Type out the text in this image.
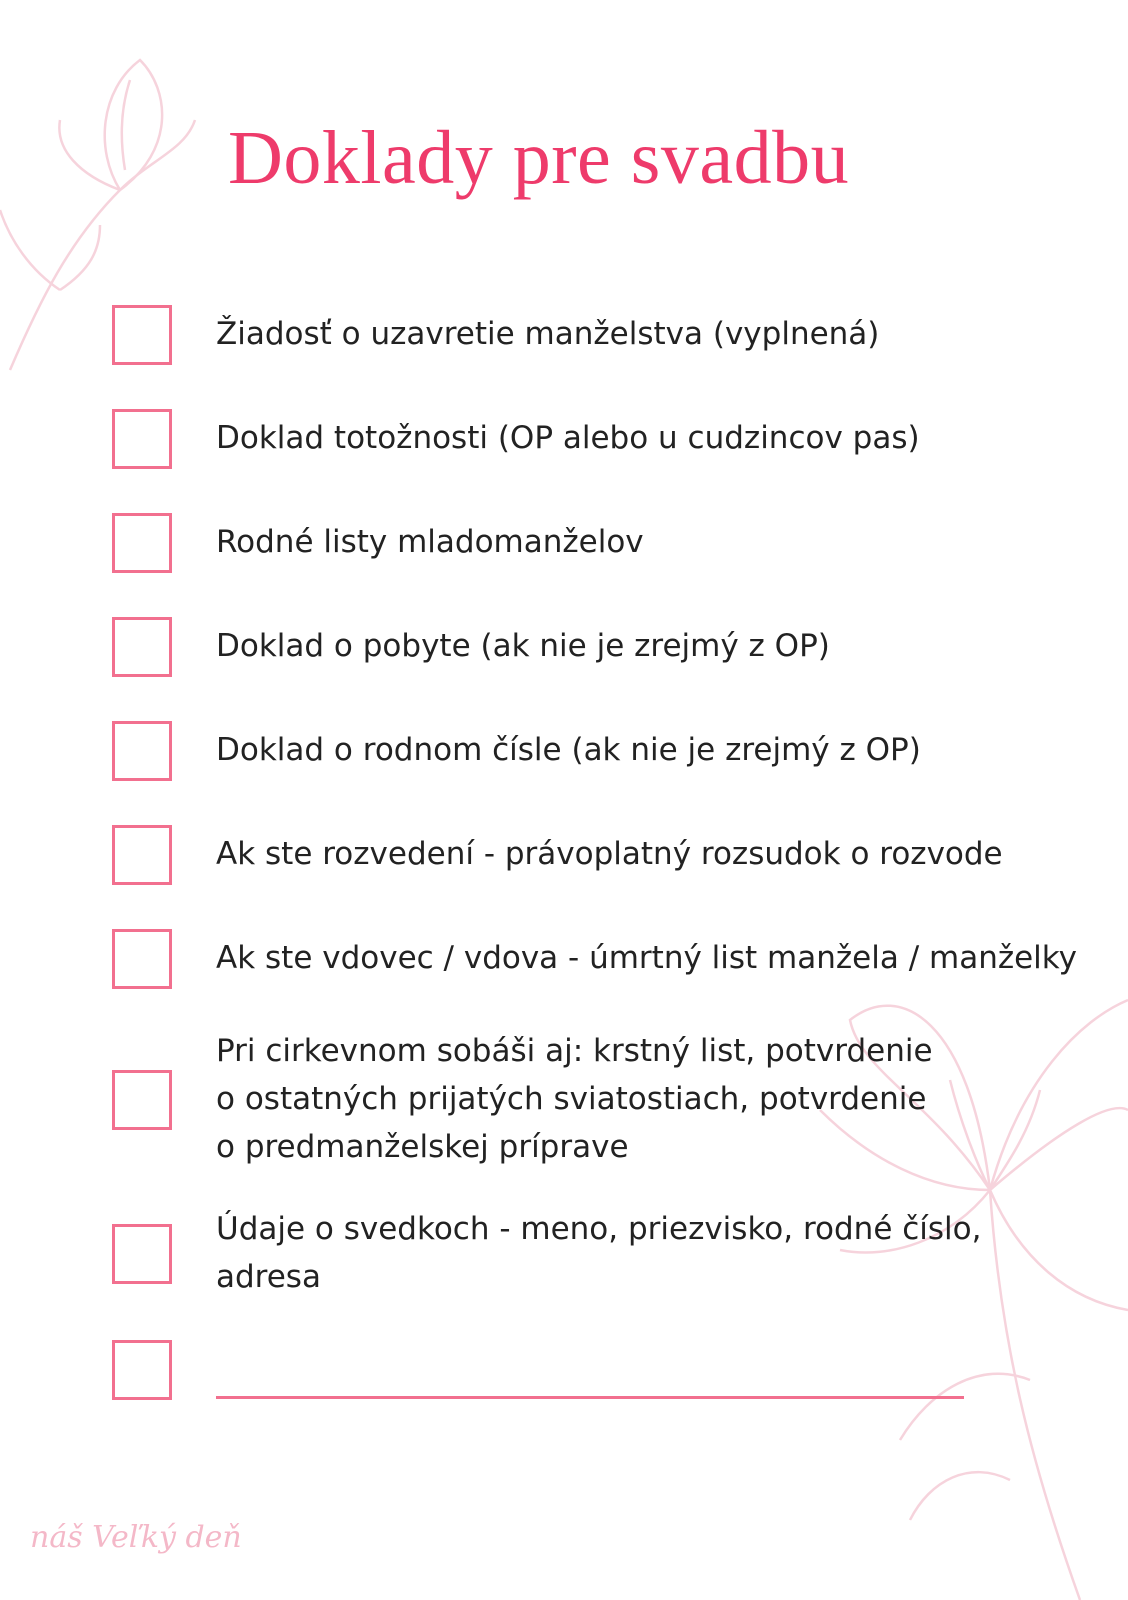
Doklady pre svadbu
Žiadosť o uzavretie manželstva (vyplnená)
Doklad totožnosti (OP alebo u cudzincov pas)
Rodné listy mladomanželov
Doklad o pobyte (ak nie je zrejmý z OP)
Doklad o rodnom čísle (ak nie je zrejmý z OP)
Ak ste rozvedení - právoplatný rozsudok o rozvode
Ak ste vdovec / vdova - úmrtný list manžela / manželky
Pri cirkevnom sobáši aj: krstný list, potvrdenie
o ostatných prijatých sviatostiach, potvrdenie
o predmanželskej príprave
Údaje o svedkoch - meno, priezvisko, rodné číslo,
adresa
náš Veľký deň
